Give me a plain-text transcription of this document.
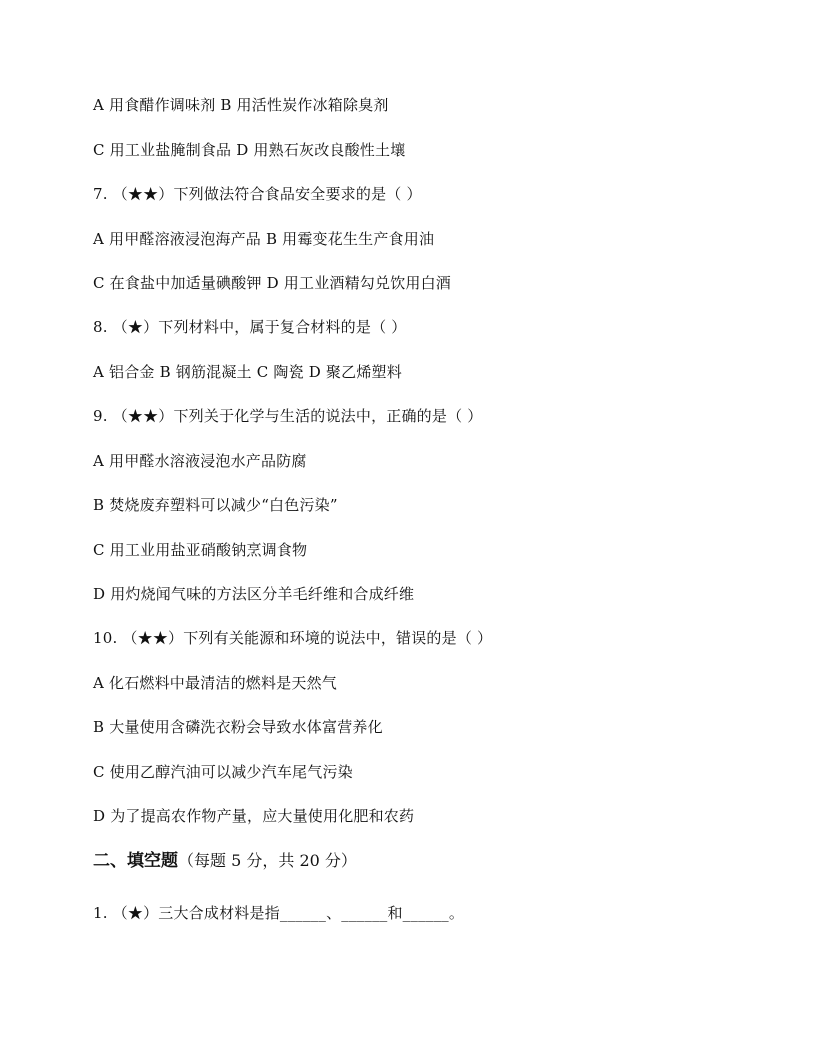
A 用食醋作调味剂 B 用活性炭作冰箱除臭剂
C 用工业盐腌制食品 D 用熟石灰改良酸性土壤
7. （★★）下列做法符合食品安全要求的是（ ）
A 用甲醛溶液浸泡海产品 B 用霉变花生生产食用油
C 在食盐中加适量碘酸钾 D 用工业酒精勾兑饮用白酒
8. （★）下列材料中，属于复合材料的是（ ）
A 铝合金 B 钢筋混凝土 C 陶瓷 D 聚乙烯塑料
9. （★★）下列关于化学与生活的说法中，正确的是（ ）
A 用甲醛水溶液浸泡水产品防腐
B 焚烧废弃塑料可以减少“白色污染”
C 用工业用盐亚硝酸钠烹调食物
D 用灼烧闻气味的方法区分羊毛纤维和合成纤维
10. （★★）下列有关能源和环境的说法中，错误的是（ ）
A 化石燃料中最清洁的燃料是天然气
B 大量使用含磷洗衣粉会导致水体富营养化
C 使用乙醇汽油可以减少汽车尾气污染
D 为了提高农作物产量，应大量使用化肥和农药
二、填空题（每题 5 分，共 20 分）
1. （★）三大合成材料是指______、______和______。
